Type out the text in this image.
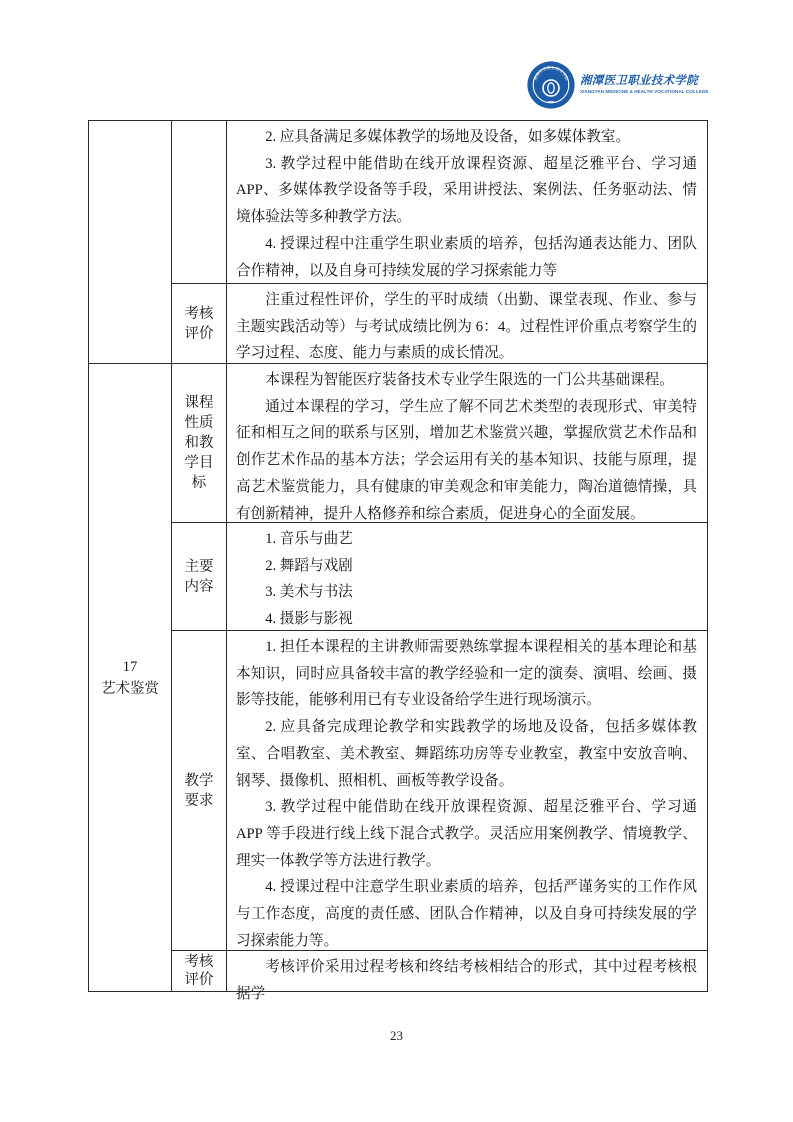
湘潭医卫职业技术学院 湘潭医卫职业技术学院
XIANGTAN MEDICINE & HEALTH VOCATIONAL COLLEGE

2. 应具备满足多媒体教学的场地及设备，如多媒体教室。

3. 教学过程中能借助在线开放课程资源、超星泛雅平台、学习通 APP、多媒体教学设备等手段，采用讲授法、案例法、任务驱动法、情境体验法等多种教学方法。

4. 授课过程中注重学生职业素质的培养，包括沟通表达能力、团队合作精神，以及自身可持续发展的学习探索能力等

考核评价

注重过程性评价，学生的平时成绩（出勤、课堂表现、作业、参与主题实践活动等）与考试成绩比例为 6：4。过程性评价重点考察学生的学习过程、态度、能力与素质的成长情况。

17
艺术鉴赏
课程性质和教学目标

本课程为智能医疗装备技术专业学生限选的一门公共基础课程。

通过本课程的学习，学生应了解不同艺术类型的表现形式、审美特征和相互之间的联系与区别，增加艺术鉴赏兴趣，掌握欣赏艺术作品和创作艺术作品的基本方法；学会运用有关的基本知识、技能与原理，提高艺术鉴赏能力，具有健康的审美观念和审美能力，陶冶道德情操，具有创新精神，提升人格修养和综合素质，促进身心的全面发展。

主要内容

1. 音乐与曲艺

2. 舞蹈与戏剧

3. 美术与书法

4. 摄影与影视

教学要求

1. 担任本课程的主讲教师需要熟练掌握本课程相关的基本理论和基本知识，同时应具备较丰富的教学经验和一定的演奏、演唱、绘画、摄影等技能，能够利用已有专业设备给学生进行现场演示。

2. 应具备完成理论教学和实践教学的场地及设备，包括多媒体教室、合唱教室、美术教室、舞蹈练功房等专业教室，教室中安放音响、钢琴、摄像机、照相机、画板等教学设备。

3. 教学过程中能借助在线开放课程资源、超星泛雅平台、学习通 APP 等手段进行线上线下混合式教学。灵活应用案例教学、情境教学、理实一体教学等方法进行教学。

4. 授课过程中注意学生职业素质的培养，包括严谨务实的工作作风与工作态度，高度的责任感、团队合作精神，以及自身可持续发展的学习探索能力等。

考核评价

考核评价采用过程考核和终结考核相结合的形式，其中过程考核根据学

23
